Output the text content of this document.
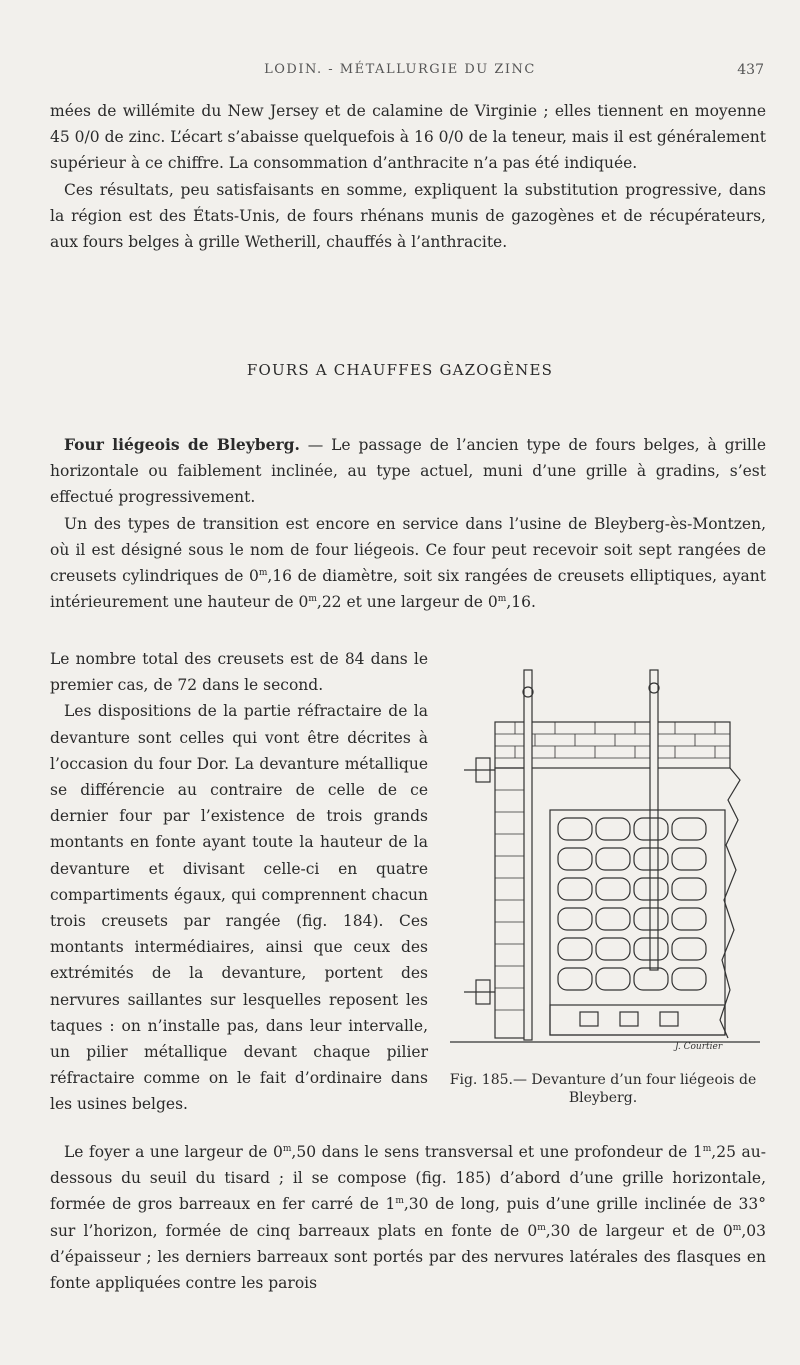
LODIN. - MÉTALLURGIE DU ZINC	437

mées de willémite du New Jersey et de calamine de Virginie ; elles tiennent en moyenne 45 0/0 de zinc. L’écart s’abaisse quelquefois à 16 0/0 de la teneur, mais il est généralement supérieur à ce chiffre. La consommation d’anthracite n’a pas été indiquée.

Ces résultats, peu satisfaisants en somme, expliquent la substitution progressive, dans la région est des États-Unis, de fours rhénans munis de gazogènes et de récupérateurs, aux fours belges à grille Wetherill, chauffés à l’anthracite.

FOURS A CHAUFFES GAZOGÈNES

Four liégeois de Bleyberg. — Le passage de l’ancien type de fours belges, à grille horizontale ou faiblement inclinée, au type actuel, muni d’une grille à gradins, s’est effectué progressivement.

Un des types de transition est encore en service dans l’usine de Bleyberg-ès-Montzen, où il est désigné sous le nom de four liégeois. Ce four peut recevoir soit sept rangées de creusets cylindriques de 0$^m$,16 de diamètre, soit six rangées de creusets elliptiques, ayant intérieurement une hauteur de 0$^m$,22 et une largeur de 0$^m$,16.

Le nombre total des creusets est de 84 dans le premier cas, de 72 dans le second.

Les dispositions de la partie réfractaire de la devanture sont celles qui vont être décrites à l’occasion du four Dor. La devanture métallique se différencie au contraire de celle de ce dernier four par l’existence de trois grands montants en fonte ayant toute la hauteur de la devanture et divisant celle-ci en quatre compartiments égaux, qui comprennent chacun trois creusets par rangée (fig. 184). Ces montants intermédiaires, ainsi que ceux des extrémités de la devanture, portent des nervures saillantes sur lesquelles reposent les taques : on n’installe pas, dans leur intervalle, un pilier métallique devant chaque pilier réfractaire comme on le fait d’ordinaire dans les usines belges.

J. Courtier
Fig. 185.— Devanture d’un four liégeois de Bleyberg.

Le foyer a une largeur de 0$^m$,50 dans le sens transversal et une profondeur de 1$^m$,25 au-dessous du seuil du tisard ; il se compose (fig. 185) d’abord d’une grille horizontale, formée de gros barreaux en fer carré de 1$^m$,30 de long, puis d’une grille inclinée de 33° sur l’horizon, formée de cinq barreaux plats en fonte de 0$^m$,30 de largeur et de 0$^m$,03 d’épaisseur ; les derniers barreaux sont portés par des nervures latérales des flasques en fonte appliquées contre les parois
